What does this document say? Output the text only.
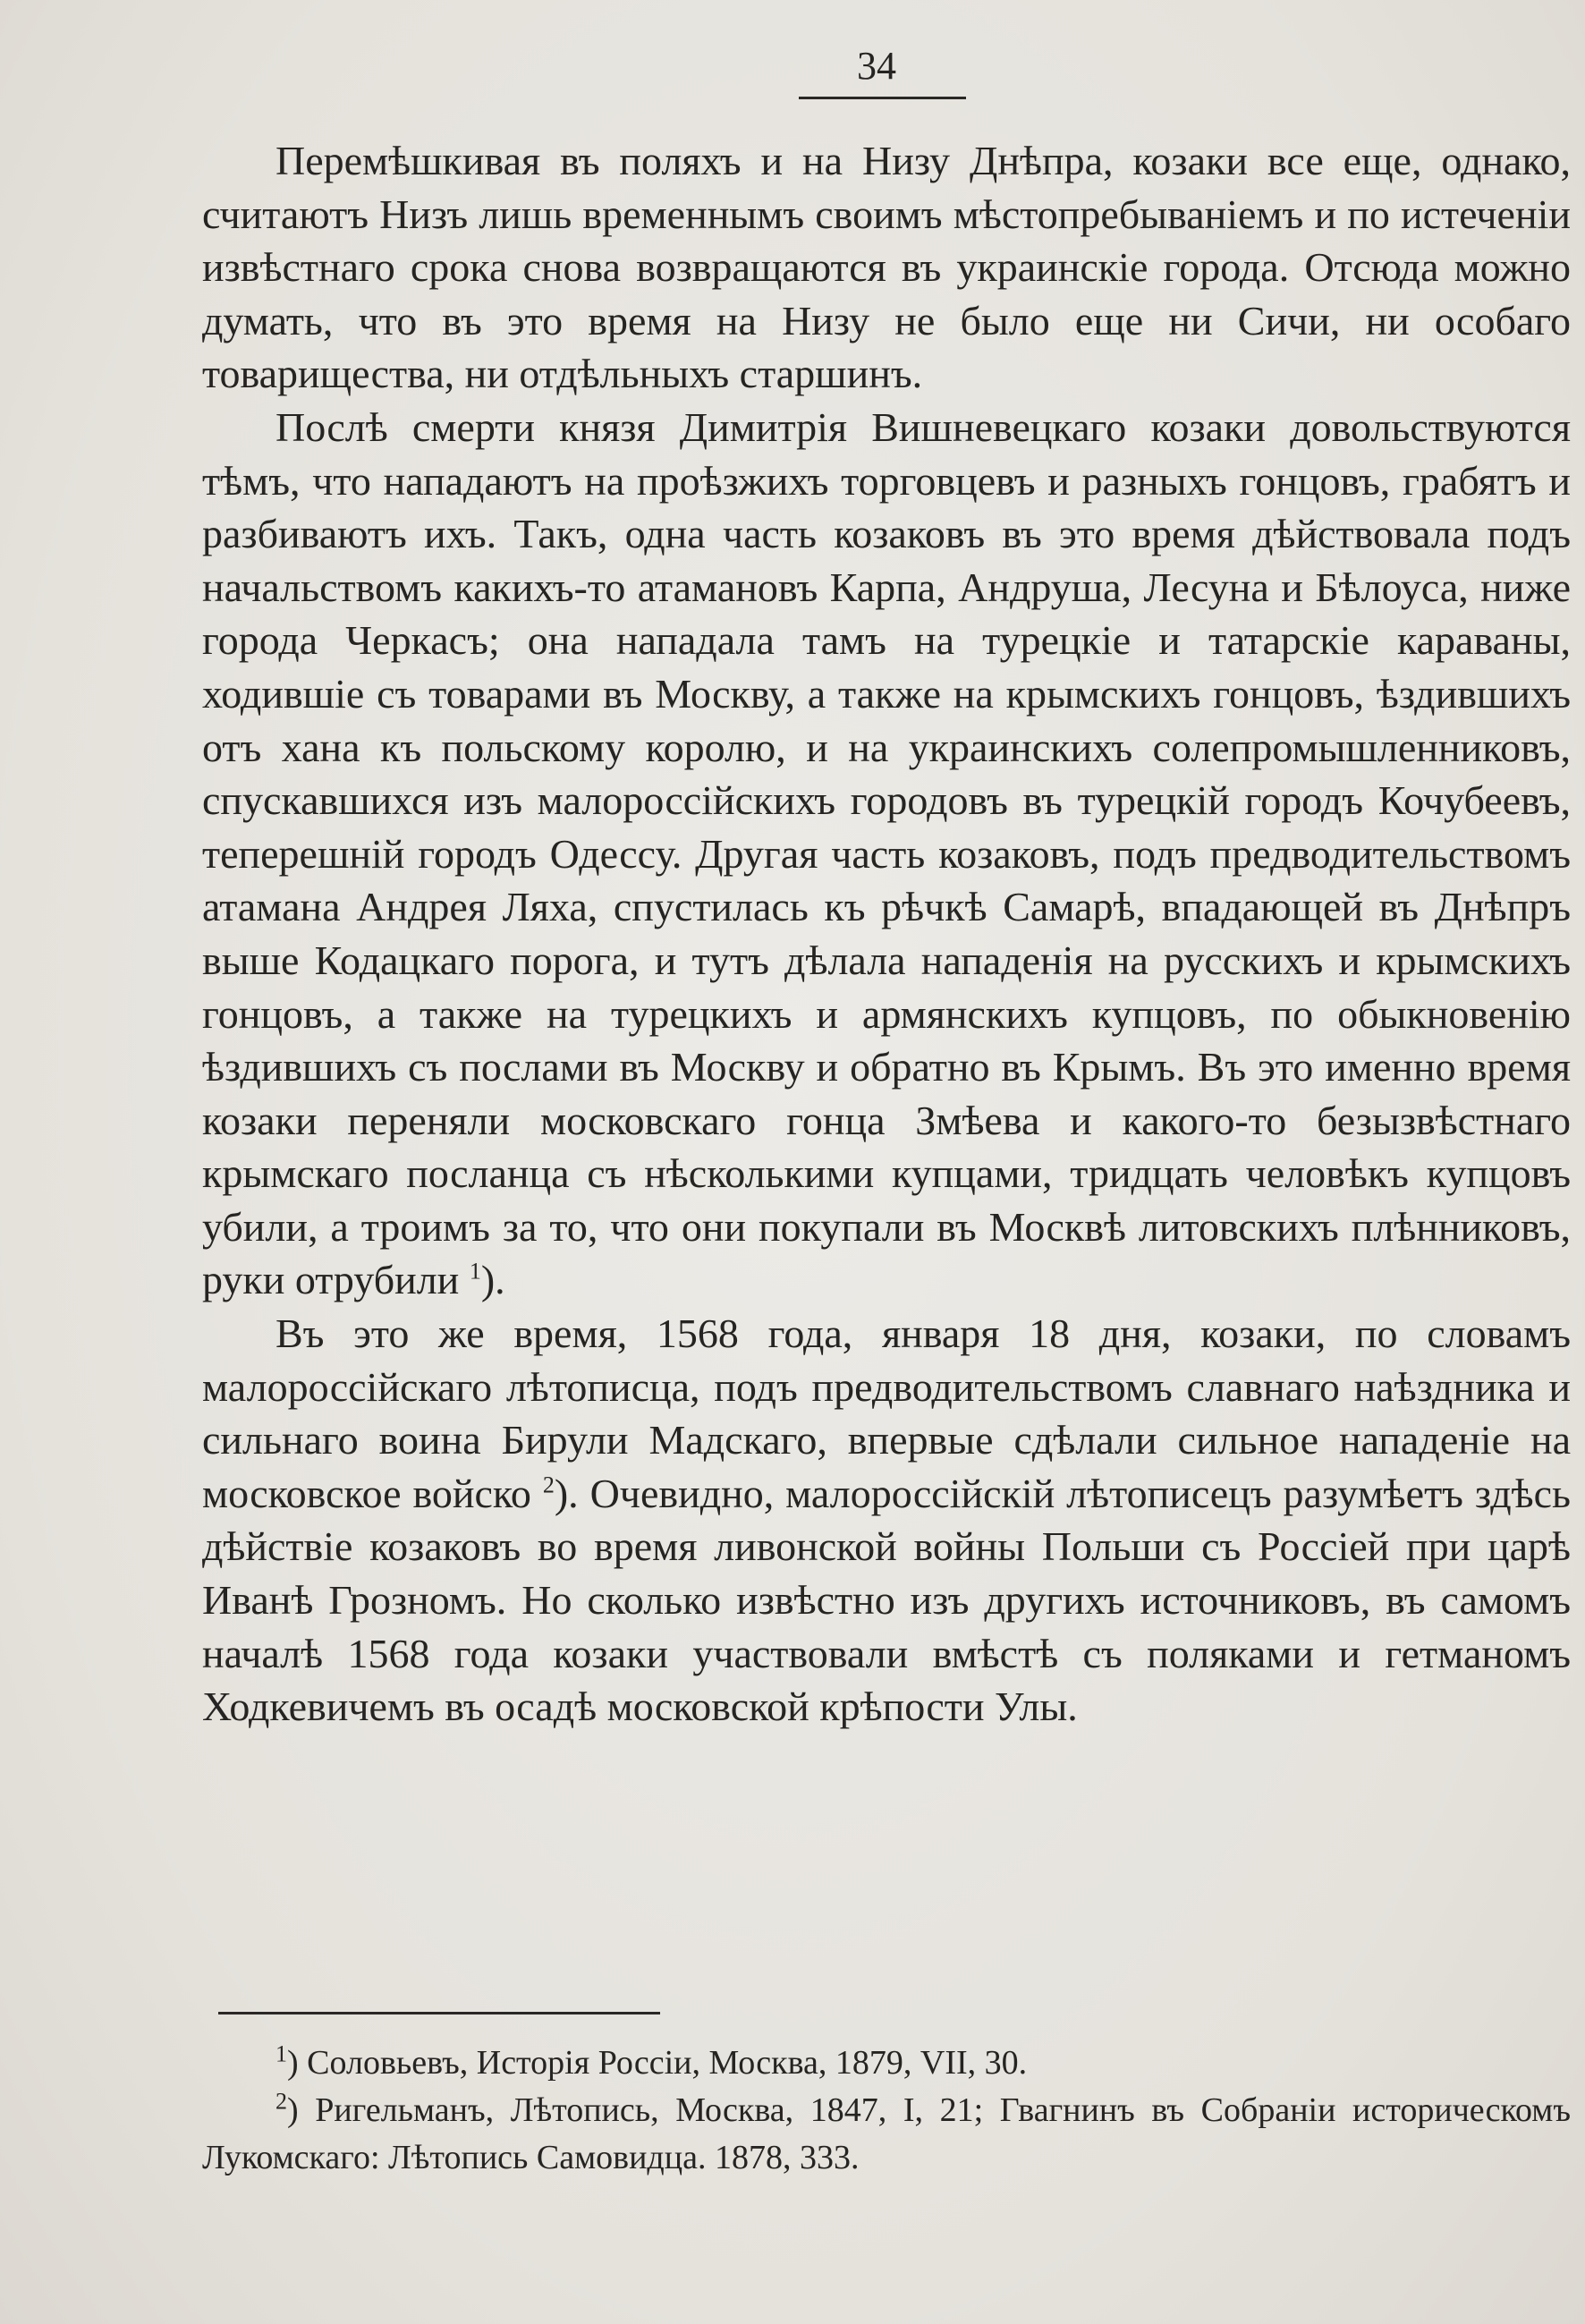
34

Перемѣшкивая въ поляхъ и на Низу Днѣпра, козаки все еще, однако, считаютъ Низъ лишь временнымъ своимъ мѣстопребыванiемъ и по истеченiи извѣстнаго срока снова возвращаются въ украинскiе города. Отсюда можно думать, что въ это время на Низу не было еще ни Сичи, ни особаго товарищества, ни отдѣльныхъ старшинъ.

Послѣ смерти князя Димитрiя Вишневецкаго козаки довольствуются тѣмъ, что нападаютъ на проѣзжихъ торговцевъ и разныхъ гонцовъ, грабятъ и разбиваютъ ихъ. Такъ, одна часть козаковъ въ это время дѣйствовала подъ начальствомъ какихъ-то атамановъ Карпа, Андруша, Лесуна и Бѣлоуса, ниже города Черкасъ; она нападала тамъ на турецкiе и татарскiе караваны, ходившiе съ товарами въ Москву, а также на крымскихъ гонцовъ, ѣздившихъ отъ хана къ польскому королю, и на украинскихъ солепромышленниковъ, спускавшихся изъ малороссiйскихъ городовъ въ турецкiй городъ Кочубеевъ, теперешнiй городъ Одессу. Другая часть козаковъ, подъ предводительствомъ атамана Андрея Ляха, спустилась къ рѣчкѣ Самарѣ, впадающей въ Днѣпръ выше Кодацкаго порога, и тутъ дѣлала нападенiя на русскихъ и крымскихъ гонцовъ, а также на турецкихъ и армянскихъ купцовъ, по обыкновенiю ѣздившихъ съ послами въ Москву и обратно въ Крымъ. Въ это именно время козаки переняли московскаго гонца Змѣева и какого-то безызвѣстнаго крымскаго посланца съ нѣсколькими купцами, тридцать человѣкъ купцовъ убили, а троимъ за то, что они покупали въ Москвѣ литовскихъ плѣнниковъ, руки отрубили $^1$).

Въ это же время, 1568 года, января 18 дня, козаки, по словамъ малороссiйскаго лѣтописца, подъ предводительствомъ славнаго наѣздника и сильнаго воина Бирули Мадскаго, впервые сдѣлали сильное нападенiе на московское войско $^2$). Очевидно, малороссiйскiй лѣтописецъ разумѣетъ здѣсь дѣйствiе козаковъ во время ливонской войны Польши съ Россiей при царѣ Иванѣ Грозномъ. Но сколько извѣстно изъ другихъ источниковъ, въ самомъ началѣ 1568 года козаки участвовали вмѣстѣ съ поляками и гетманомъ Ходкевичемъ въ осадѣ московской крѣпости Улы.

$^1$) Соловьевъ, Исторiя Россiи, Москва, 1879, VII, 30.

$^2$) Ригельманъ, Лѣтопись, Москва, 1847, I, 21; Гвагнинъ въ Собранiи историческомъ Лукомскаго: Лѣтопись Самовидца. 1878, 333.
